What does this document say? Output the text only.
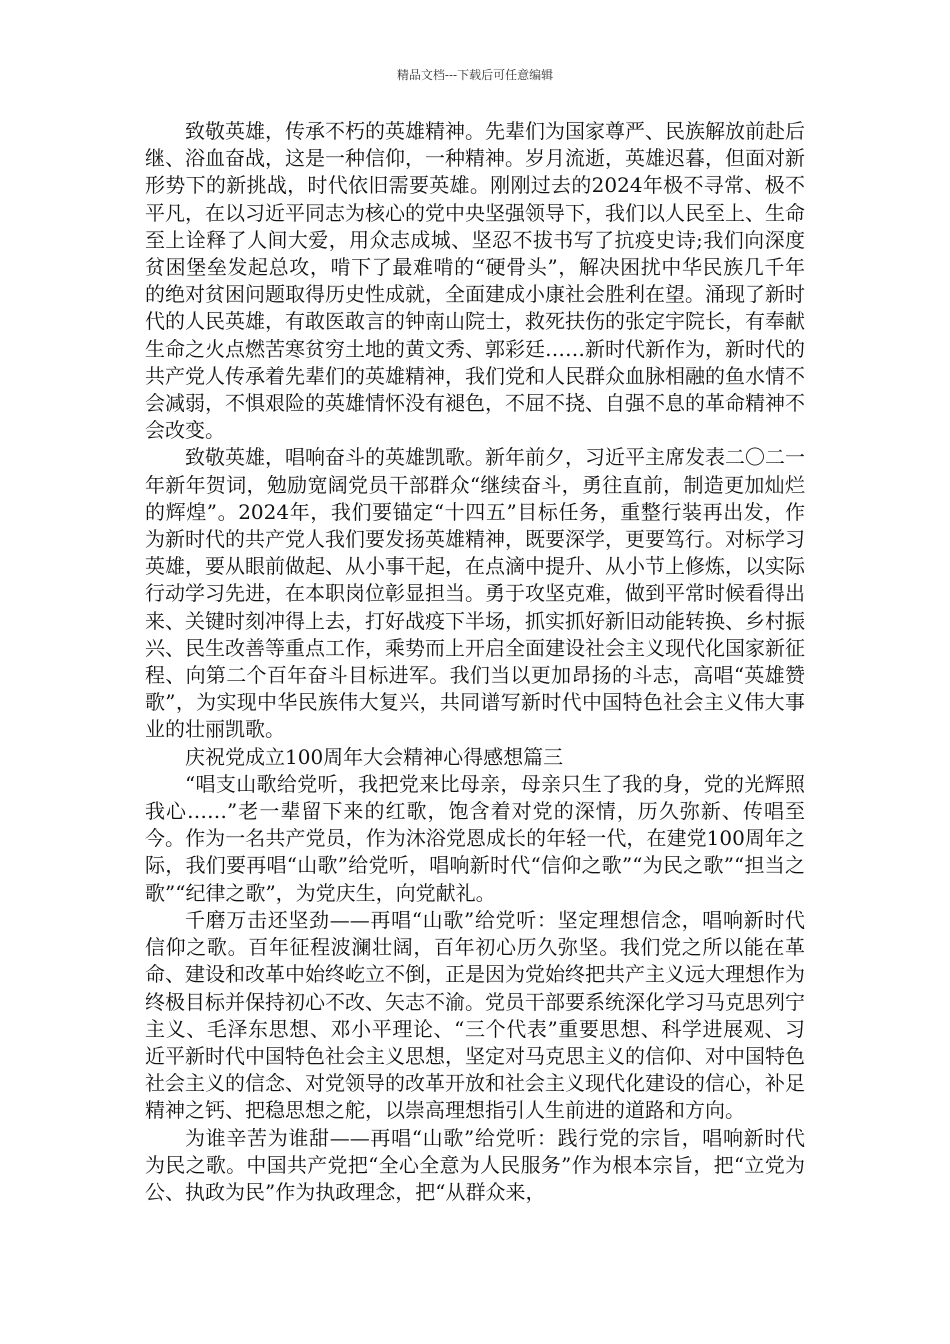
精品文档---下载后可任意编辑

致敬英雄，传承不朽的英雄精神。先辈们为国家尊严、民族解放前赴后继、浴血奋战，这是一种信仰，一种精神。岁月流逝，英雄迟暮，但面对新形势下的新挑战，时代依旧需要英雄。刚刚过去的2024年极不寻常、极不平凡，在以习近平同志为核心的党中央坚强领导下，我们以人民至上、生命至上诠释了人间大爱，用众志成城、坚忍不拔书写了抗疫史诗;我们向深度贫困堡垒发起总攻，啃下了最难啃的“硬骨头”，解决困扰中华民族几千年的绝对贫困问题取得历史性成就，全面建成小康社会胜利在望。涌现了新时代的人民英雄，有敢医敢言的钟南山院士，救死扶伤的张定宇院长，有奉献生命之火点燃苦寒贫穷土地的黄文秀、郭彩廷……新时代新作为，新时代的共产党人传承着先辈们的英雄精神，我们党和人民群众血脉相融的鱼水情不会减弱，不惧艰险的英雄情怀没有褪色，不屈不挠、自强不息的革命精神不会改变。

致敬英雄，唱响奋斗的英雄凯歌。新年前夕，习近平主席发表二〇二一年新年贺词，勉励宽阔党员干部群众“继续奋斗，勇往直前，制造更加灿烂的辉煌”。2024年，我们要锚定“十四五”目标任务，重整行装再出发，作为新时代的共产党人我们要发扬英雄精神，既要深学，更要笃行。对标学习英雄，要从眼前做起、从小事干起，在点滴中提升、从小节上修炼，以实际行动学习先进，在本职岗位彰显担当。勇于攻坚克难，做到平常时候看得出来、关键时刻冲得上去，打好战疫下半场，抓实抓好新旧动能转换、乡村振兴、民生改善等重点工作，乘势而上开启全面建设社会主义现代化国家新征程、向第二个百年奋斗目标进军。我们当以更加昂扬的斗志，高唱“英雄赞歌”，为实现中华民族伟大复兴，共同谱写新时代中国特色社会主义伟大事业的壮丽凯歌。

庆祝党成立100周年大会精神心得感想篇三

“唱支山歌给党听，我把党来比母亲，母亲只生了我的身，党的光辉照我心……”老一辈留下来的红歌，饱含着对党的深情，历久弥新、传唱至今。作为一名共产党员，作为沐浴党恩成长的年轻一代，在建党100周年之际，我们要再唱“山歌”给党听，唱响新时代“信仰之歌”“为民之歌”“担当之歌”“纪律之歌”，为党庆生，向党献礼。

千磨万击还坚劲——再唱“山歌”给党听：坚定理想信念，唱响新时代信仰之歌。百年征程波澜壮阔，百年初心历久弥坚。我们党之所以能在革命、建设和改革中始终屹立不倒，正是因为党始终把共产主义远大理想作为终极目标并保持初心不改、矢志不渝。党员干部要系统深化学习马克思列宁主义、毛泽东思想、邓小平理论、“三个代表”重要思想、科学进展观、习近平新时代中国特色社会主义思想，坚定对马克思主义的信仰、对中国特色社会主义的信念、对党领导的改革开放和社会主义现代化建设的信心，补足精神之钙、把稳思想之舵，以崇高理想指引人生前进的道路和方向。

为谁辛苦为谁甜——再唱“山歌”给党听：践行党的宗旨，唱响新时代为民之歌。中国共产党把“全心全意为人民服务”作为根本宗旨，把“立党为公、执政为民”作为执政理念，把“从群众来，
